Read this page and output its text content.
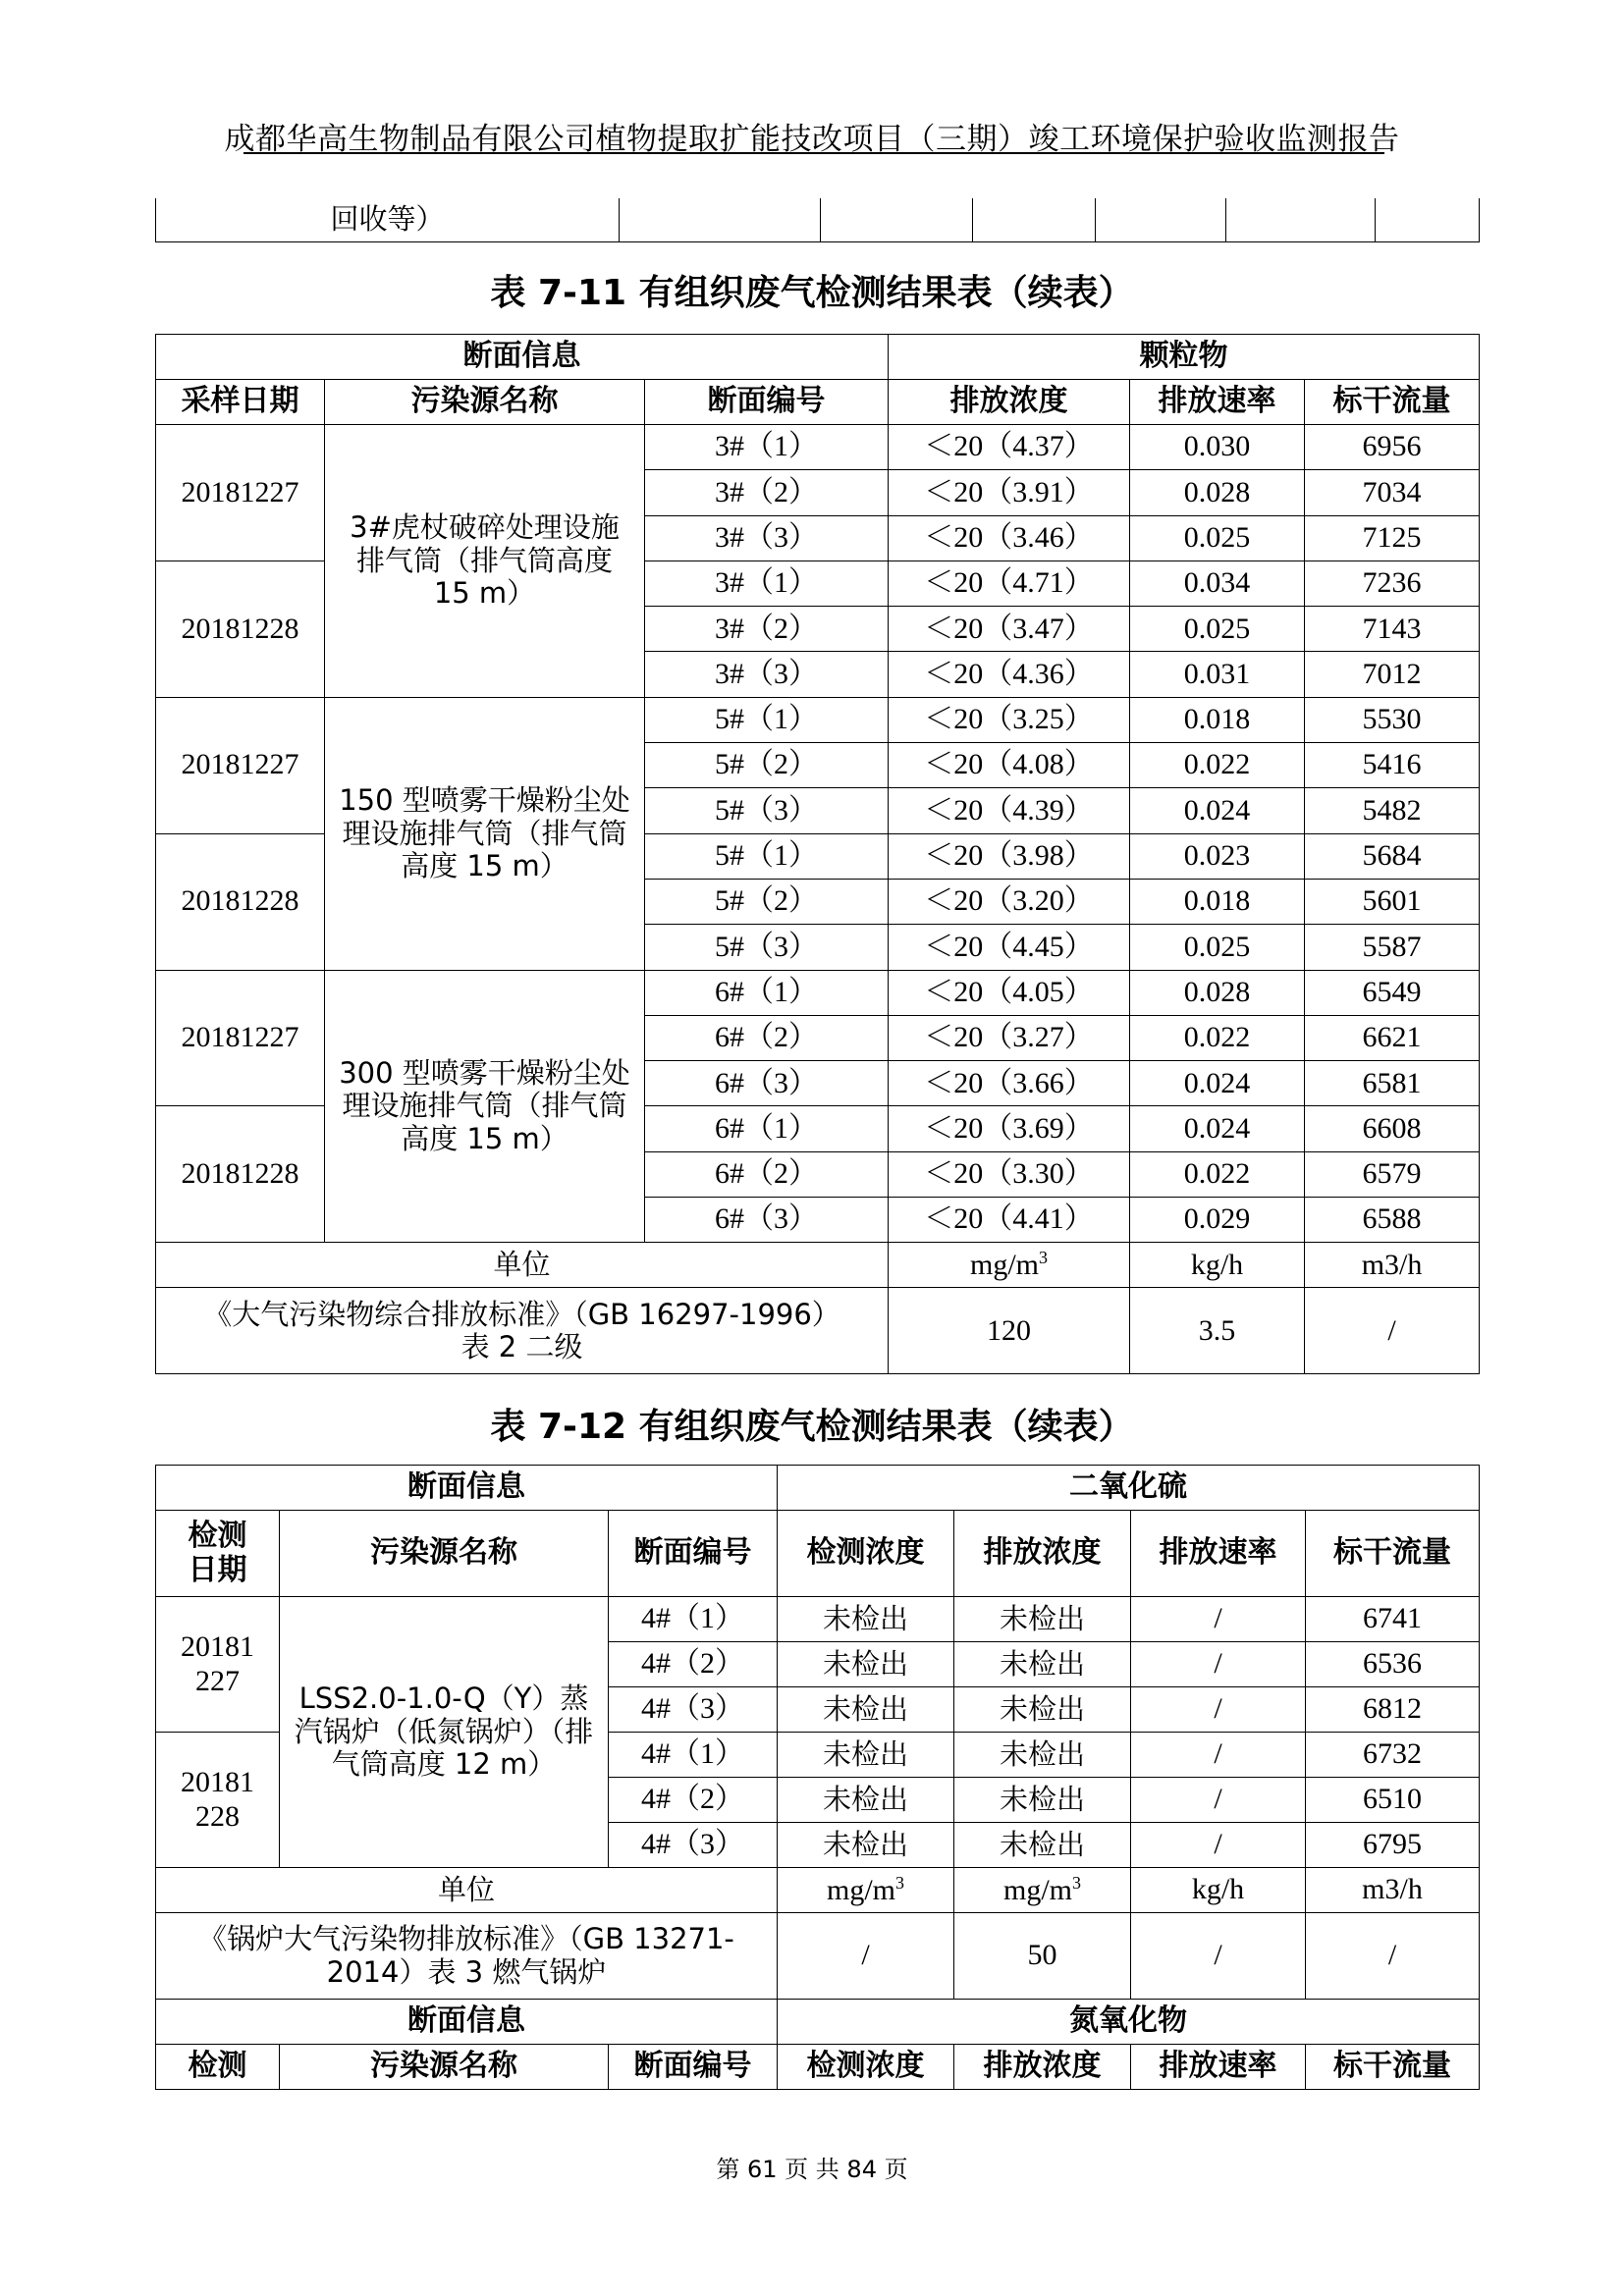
成都华高生物制品有限公司植物提取扩能技改项目（三期）竣工环境保护验收监测报告
回收等）						
表 7-11 有组织废气检测结果表（续表）
断面信息			颗粒物		
采样日期	污染源名称	断面编号	排放浓度	排放速率	标干流量
20181227	3#虎杖破碎处理设施排气筒（排气筒高度 15 m）	3#（1）	＜20（4.37）	0.030	6956
		3#（2）	＜20（3.91）	0.028	7034
		3#（3）	＜20（3.46）	0.025	7125
20181228		3#（1）	＜20（4.71）	0.034	7236
		3#（2）	＜20（3.47）	0.025	7143
		3#（3）	＜20（4.36）	0.031	7012
20181227	150 型喷雾干燥粉尘处理设施排气筒（排气筒高度 15 m）	5#（1）	＜20（3.25）	0.018	5530
		5#（2）	＜20（4.08）	0.022	5416
		5#（3）	＜20（4.39）	0.024	5482
20181228		5#（1）	＜20（3.98）	0.023	5684
		5#（2）	＜20（3.20）	0.018	5601
		5#（3）	＜20（4.45）	0.025	5587
20181227	300 型喷雾干燥粉尘处理设施排气筒（排气筒高度 15 m）	6#（1）	＜20（4.05）	0.028	6549
		6#（2）	＜20（3.27）	0.022	6621
		6#（3）	＜20（3.66）	0.024	6581
20181228		6#（1）	＜20（3.69）	0.024	6608
		6#（2）	＜20（3.30）	0.022	6579
		6#（3）	＜20（4.41）	0.029	6588
单位			$mg/m^3$	kg/h	m3/h
《大气污染物综合排放标准》（GB 16297-1996）表 2 二级			120	3.5	/
表 7-12 有组织废气检测结果表（续表）
断面信息			二氧化硫			
检测日期	污染源名称	断面编号	检测浓度	排放浓度	排放速率	标干流量
20181227	LSS2.0-1.0-Q（Y）蒸汽锅炉（低氮锅炉）（排气筒高度 12 m）	4#（1）	未检出	未检出	/	6741
		4#（2）	未检出	未检出	/	6536
		4#（3）	未检出	未检出	/	6812
20181228		4#（1）	未检出	未检出	/	6732
		4#（2）	未检出	未检出	/	6510
		4#（3）	未检出	未检出	/	6795
单位			$mg/m^3$	$mg/m^3$	kg/h	m3/h
《锅炉大气污染物排放标准》（GB 13271-2014）表 3 燃气锅炉			/	50	/	/
断面信息			氮氧化物			
检测	污染源名称	断面编号	检测浓度	排放浓度	排放速率	标干流量
第 61 页 共 84 页
